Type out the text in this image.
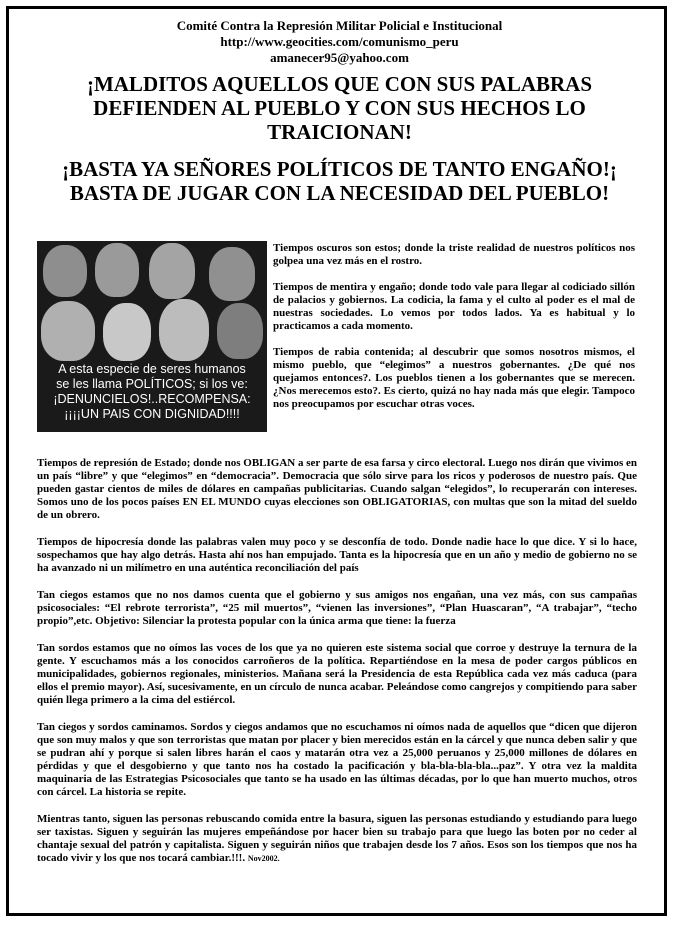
Comité Contra la Represión Militar Policial e Institucional
http://www.geocities.com/comunismo_peru
amanecer95@yahoo.com
¡MALDITOS AQUELLOS QUE CON SUS PALABRAS DEFIENDEN AL PUEBLO Y CON SUS HECHOS LO TRAICIONAN!
¡BASTA YA SEÑORES POLÍTICOS DE TANTO ENGAÑO!¡ BASTA DE JUGAR CON LA NECESIDAD DEL PUEBLO!
A esta especie de seres humanos
se les llama POLÍTICOS; si los ve:
¡DENUNCIELOS!..RECOMPENSA:
¡¡¡¡UN PAIS CON DIGNIDAD!!!!

Tiempos oscuros son estos; donde la triste realidad de nuestros políticos nos golpea una vez más en el rostro.

Tiempos de mentira y engaño; donde todo vale para llegar al codiciado sillón de palacios y gobiernos. La codicia, la fama y el culto al poder es el mal de nuestras sociedades. Lo vemos por todos lados. Ya es habitual y lo practicamos a cada momento.

Tiempos de rabia contenida; al descubrir que somos nosotros mismos, el mismo pueblo, que “elegimos” a nuestros gobernantes. ¿De qué nos quejamos entonces?. Los pueblos tienen a los gobernantes que se merecen. ¿Nos merecemos esto?. Es cierto, quizá no hay nada más que elegir. Tampoco nos preocupamos por escuchar otras voces.

Tiempos de represión de Estado; donde nos OBLIGAN a ser parte de esa farsa y circo electoral. Luego nos dirán que vivimos en un país “libre” y que “elegimos” en “democracia”. Democracia que sólo sirve para los ricos y poderosos de nuestro país. Que pueden gastar cientos de miles de dólares en campañas publicitarias. Cuando salgan “elegidos”, lo recuperarán con intereses. Somos uno de los pocos países EN EL MUNDO cuyas elecciones son OBLIGATORIAS, con multas que son la mitad del sueldo de un obrero.

Tiempos de hipocresía donde las palabras valen muy poco y se desconfía de todo. Donde nadie hace lo que dice. Y si lo hace, sospechamos que hay algo detrás. Hasta ahí nos han empujado. Tanta es la hipocresía que en un año y medio de gobierno no se ha avanzado ni un milímetro en una auténtica reconciliación del país

Tan ciegos estamos que no nos damos cuenta que el gobierno y sus amigos nos engañan, una vez más, con sus campañas psicosociales: “El rebrote terrorista”, “25 mil muertos”, “vienen las inversiones”, “Plan Huascaran”, “A trabajar”, “techo propio”,etc. Objetivo: Silenciar la protesta popular con la única arma que tiene: la fuerza

Tan sordos estamos que no oímos las voces de los que ya no quieren este sistema social que corroe y destruye la ternura de la gente. Y escuchamos más a los conocidos carroñeros de la política. Repartiéndose en la mesa de poder cargos públicos en municipalidades, gobiernos regionales, ministerios. Mañana será la Presidencia de esta República cada vez más caduca (para ellos el premio mayor). Así, sucesivamente, en un círculo de nunca acabar. Peleándose como cangrejos y compitiendo para saber quién llega primero a la cima del estiércol.

Tan ciegos y sordos caminamos. Sordos y ciegos andamos que no escuchamos ni oímos nada de aquellos que “dicen que dijeron que son muy malos y que son terroristas que matan por placer y bien merecidos están en la cárcel y que nunca deben salir y que se pudran ahí y porque si salen libres harán el caos y matarán otra vez a 25,000 peruanos y 25,000 millones de dólares en pérdidas y que el desgobierno y que tanto nos ha costado la pacificación y bla-bla-bla-bla...paz”. Y otra vez la maldita maquinaria de las Estrategias Psicosociales que tanto se ha usado en las últimas décadas, por lo que han muerto muchos, otros con cárcel. La historia se repite.

Mientras tanto, siguen las personas rebuscando comida entre la basura, siguen las personas estudiando y estudiando para luego ser taxistas. Siguen y seguirán las mujeres empeñándose por hacer bien su trabajo para que luego las boten por no ceder al chantaje sexual del patrón y capitalista. Siguen y seguirán niños que trabajen desde los 7 años. Esos son los tiempos que nos ha tocado vivir y los que nos tocará cambiar.!!!. Nov2002.
